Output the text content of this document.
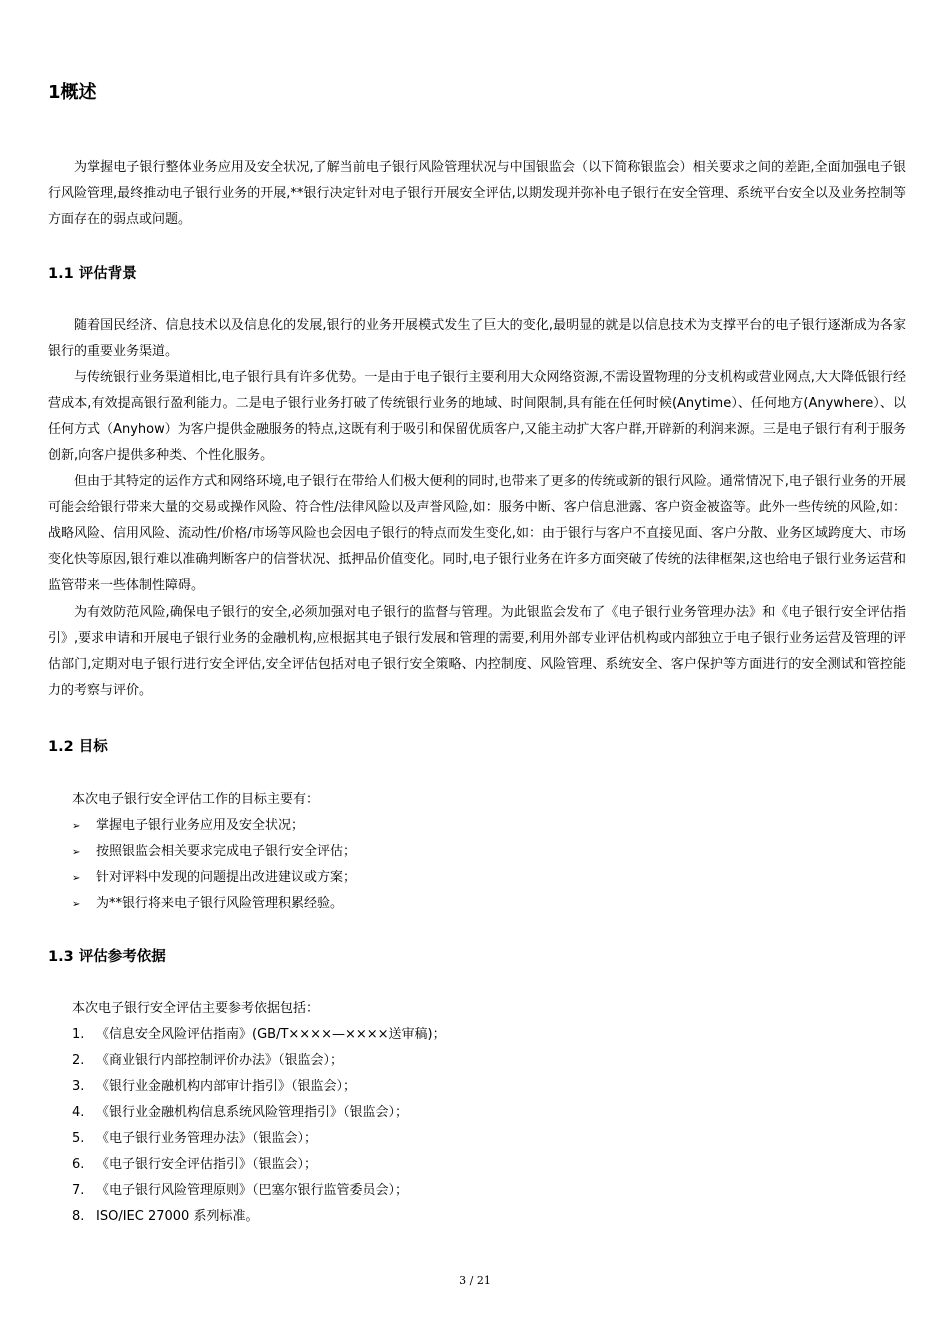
1概述

为掌握电子银行整体业务应用及安全状况,了解当前电子银行风险管理状况与中国银监会（以下简称银监会）相关要求之间的差距,全面加强电子银行风险管理,最终推动电子银行业务的开展,**银行决定针对电子银行开展安全评估,以期发现并弥补电子银行在安全管理、系统平台安全以及业务控制等方面存在的弱点或问题。

1.1 评估背景

随着国民经济、信息技术以及信息化的发展,银行的业务开展模式发生了巨大的变化,最明显的就是以信息技术为支撑平台的电子银行逐渐成为各家银行的重要业务渠道。

与传统银行业务渠道相比,电子银行具有许多优势。一是由于电子银行主要利用大众网络资源,不需设置物理的分支机构或营业网点,大大降低银行经营成本,有效提高银行盈利能力。二是电子银行业务打破了传统银行业务的地域、时间限制,具有能在任何时候(Anytime）、任何地方(Anywhere）、以任何方式（Anyhow）为客户提供金融服务的特点,这既有利于吸引和保留优质客户,又能主动扩大客户群,开辟新的利润来源。三是电子银行有利于服务创新,向客户提供多种类、个性化服务。

但由于其特定的运作方式和网络环境,电子银行在带给人们极大便利的同时,也带来了更多的传统或新的银行风险。通常情况下,电子银行业务的开展可能会给银行带来大量的交易或操作风险、符合性/法律风险以及声誉风险,如：服务中断、客户信息泄露、客户资金被盗等。此外一些传统的风险,如：战略风险、信用风险、流动性/价格/市场等风险也会因电子银行的特点而发生变化,如：由于银行与客户不直接见面、客户分散、业务区域跨度大、市场变化快等原因,银行难以准确判断客户的信誉状况、抵押品价值变化。同时,电子银行业务在许多方面突破了传统的法律框架,这也给电子银行业务运营和监管带来一些体制性障碍。

为有效防范风险,确保电子银行的安全,必须加强对电子银行的监督与管理。为此银监会发布了《电子银行业务管理办法》和《电子银行安全评估指引》,要求申请和开展电子银行业务的金融机构,应根据其电子银行发展和管理的需要,利用外部专业评估机构或内部独立于电子银行业务运营及管理的评估部门,定期对电子银行进行安全评估,安全评估包括对电子银行安全策略、内控制度、风险管理、系统安全、客户保护等方面进行的安全测试和管控能力的考察与评价。

1.2 目标

本次电子银行安全评估工作的目标主要有：

➢ 掌握电子银行业务应用及安全状况；
➢ 按照银监会相关要求完成电子银行安全评估；
➢ 针对评料中发现的问题提出改进建议或方案；
➢ 为**银行将来电子银行风险管理积累经验。
1.3 评估参考依据

本次电子银行安全评估主要参考依据包括：

1. 《信息安全风险评估指南》(GB/T××××—××××送审稿)；
2. 《商业银行内部控制评价办法》（银监会）；
3. 《银行业金融机构内部审计指引》（银监会）；
4. 《银行业金融机构信息系统风险管理指引》（银监会）；
5. 《电子银行业务管理办法》（银监会）；
6. 《电子银行安全评估指引》（银监会）；
7. 《电子银行风险管理原则》（巴塞尔银行监管委员会）；
8. ISO/IEC 27000 系列标准。
3 / 21
